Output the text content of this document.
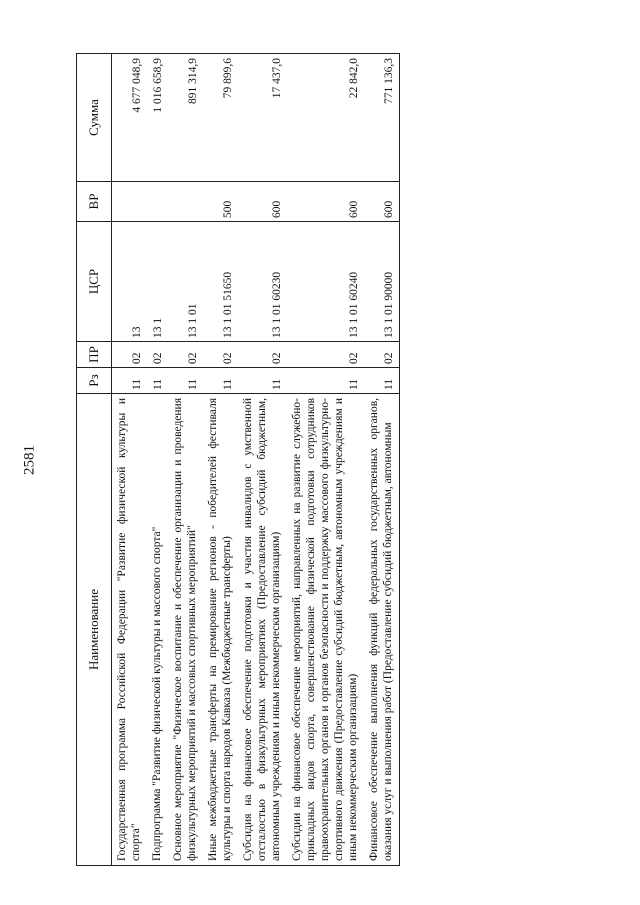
2581
Наименование	Рз	ПР	ЦСР	ВР	Сумма
Государственная программа Российской Федерации "Развитие физической культуры и спорта"	11	02	13		4 677 048,9
Подпрограмма "Развитие физической культуры и массового спорта"	11	02	13 1		1 016 658,9
Основное мероприятие "Физическое воспитание и обеспечение организации и проведения физкультурных мероприятий и массовых спортивных мероприятий"	11	02	13 1 01		891 314,9
Иные межбюджетные трансферты на премирование регионов - победителей фестиваля культуры и спорта народов Кавказа (Межбюджетные трансферты)	11	02	13 1 01 51650	500	79 899,6
Субсидия на финансовое обеспечение подготовки и участия инвалидов с умственной отсталостью в физкультурных мероприятиях (Предоставление субсидий бюджетным, автономным учреждениям и иным некоммерческим организациям)	11	02	13 1 01 60230	600	17 437,0
Субсидии на финансовое обеспечение мероприятий, направленных на развитие служебно-прикладных видов спорта, совершенствование физической подготовки сотрудников правоохранительных органов и органов безопасности и поддержку массового физкультурно-спортивного движения (Предоставление субсидий бюджетным, автономным учреждениям и иным некоммерческим организациям)	11	02	13 1 01 60240	600	22 842,0
Финансовое обеспечение выполнения функций федеральных государственных органов, оказания услуг и выполнения работ (Предоставление субсидий бюджетным, автономным	11	02	13 1 01 90000	600	771 136,3
